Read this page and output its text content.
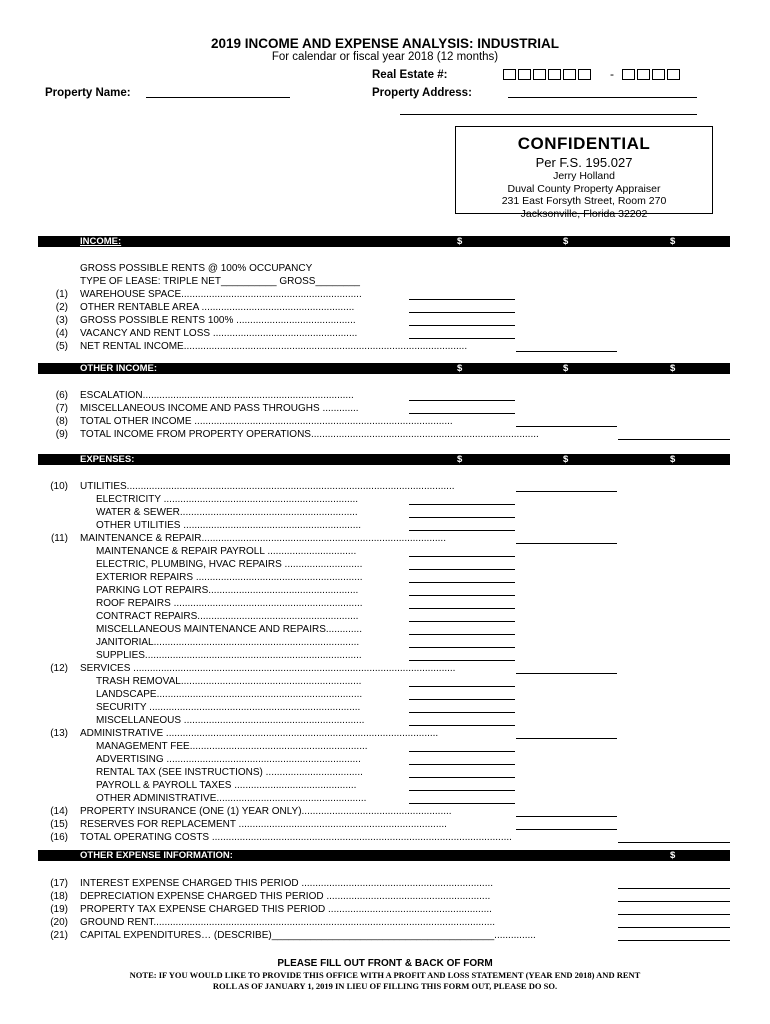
2019 INCOME AND EXPENSE ANALYSIS: INDUSTRIAL
For calendar or fiscal year 2018 (12 months)
Real Estate #:	-
Property Name:	Property Address:
CONFIDENTIAL
Per F.S. 195.027
Jerry Holland
Duval County Property Appraiser
231 East Forsyth Street, Room 270
Jacksonville, Florida 32202
INCOME:	$	$	$
OTHER INCOME:	$	$	$
EXPENSES:	$	$	$
OTHER EXPENSE INFORMATION:	$
GROSS POSSIBLE RENTS @ 100% OCCUPANCY
TYPE OF LEASE: TRIPLE NET__________ GROSS________
(1) WAREHOUSE SPACE.................................................................
(2) OTHER RENTABLE AREA .......................................................
(3) GROSS POSSIBLE RENTS 100% ...........................................
(4) VACANCY AND RENT LOSS ....................................................
(5) NET RENTAL INCOME......................................................................................................
(6) ESCALATION............................................................................
(7) MISCELLANEOUS INCOME AND PASS THROUGHS .............
(8) TOTAL OTHER INCOME .............................................................................................
(9) TOTAL INCOME FROM PROPERTY OPERATIONS..................................................................................
(10) UTILITIES......................................................................................................................
ELECTRICITY ......................................................................
WATER & SEWER................................................................
OTHER UTILITIES ................................................................
(11) MAINTENANCE & REPAIR........................................................................................
MAINTENANCE & REPAIR PAYROLL ................................
ELECTRIC, PLUMBING, HVAC REPAIRS ............................
EXTERIOR REPAIRS ............................................................
PARKING LOT REPAIRS......................................................
ROOF REPAIRS ....................................................................
CONTRACT REPAIRS..........................................................
MISCELLANEOUS MAINTENANCE AND REPAIRS.............
JANITORIAL..........................................................................
SUPPLIES..............................................................................
(12) SERVICES ....................................................................................................................
TRASH REMOVAL.................................................................
LANDSCAPE..........................................................................
SECURITY ............................................................................
MISCELLANEOUS .................................................................
(13) ADMINISTRATIVE ..................................................................................................
MANAGEMENT FEE................................................................
ADVERTISING ......................................................................
RENTAL TAX (SEE INSTRUCTIONS) ...................................
PAYROLL & PAYROLL TAXES ............................................
OTHER ADMINISTRATIVE......................................................
(14) PROPERTY INSURANCE (ONE (1) YEAR ONLY)......................................................
(15) RESERVES FOR REPLACEMENT ...........................................................................
(16) TOTAL OPERATING COSTS ............................................................................................................
(17) INTEREST EXPENSE CHARGED THIS PERIOD .....................................................................
(18) DEPRECIATION EXPENSE CHARGED THIS PERIOD ...........................................................
(19) PROPERTY TAX EXPENSE CHARGED THIS PERIOD ...........................................................
(20) GROUND RENT...........................................................................................................................
(21) CAPITAL EXPENDITURES… (DESCRIBE)________________________________________...............
PLEASE FILL OUT FRONT & BACK OF FORM
NOTE: IF YOU WOULD LIKE TO PROVIDE THIS OFFICE WITH A PROFIT AND LOSS STATEMENT (YEAR END 2018) AND RENT ROLL AS OF JANUARY 1, 2019 IN LIEU OF FILLING THIS FORM OUT, PLEASE DO SO.
